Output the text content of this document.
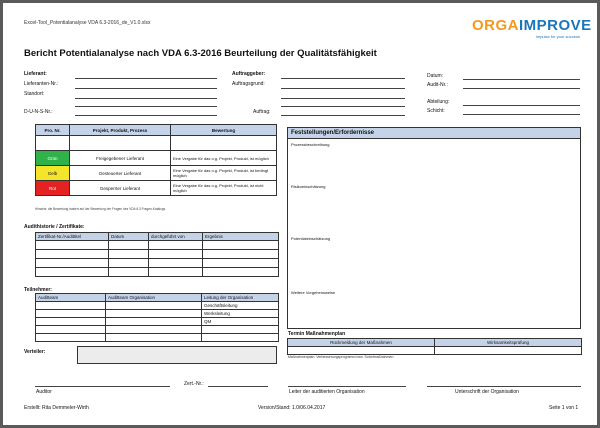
Excel-Tool_Potentialanalyse VDA 6.3-2016_de_V1.0.xlsx	ORGAIMPROVE
impulse for your success
Bericht Potentialanalyse nach VDA 6.3-2016 Beurteilung der Qualitätsfähigkeit
Lieferant:
Lieferanten-Nr.:
Standort:
D-U-N-S-Nr.:
Auftraggeber:
Auftragsgrund:
Auftrag:
Datum:
Audit-Nr.:
Abteilung:
Schicht:
Pro. Nr.	Projekt, Produkt, Prozess	Bewertung

Grün	Freigegebener Lieferant	Eine Vergabe für das o.g. Projekt, Produkt, ist möglich
Gelb	Gesteuerter Lieferant	Eine Vergabe für das o.g. Projekt, Produkt, ist bedingt möglich
Rot	Gesperrter Lieferant	Eine Vergabe für das o.g. Projekt, Produkt, ist nicht möglich
Hinweis: die Bewertung basiert auf der Bewertung der Fragen des VDA 6.3 Fragen-Katalogs
Audithistorie / Zertifikate:
Zertifikat-Nr./Audittitel	Datum	durchgeführt von	Ergebnis

Teilnehmer:
Auditteam	Auditteam Organisation	Leitung der Organisation
		Geschäftsleitung
		Werksleitung
		QM

Verteiler:
Feststellungen/Erfordernisse
Prozessbeschreibung
Risikoeinschätzung
Potentialeinschätzung
Weitere Vorgehensweise
Termin Maßnahmenplan
Rückmeldung der Maßnahmen	Wirksamkeitsprüfung

Maßnahmenplan: Verbesserungsprogramm bzw. Sofortmaßnahmen
Auditor
Zert.-Nr.:
Leiter der auditierten Organisation	Unterschrift der Organisation
Erstellt: Rita Demmeler-Wirth	Version/Stand: 1.0/06.04.2017	Seite 1 von 1
